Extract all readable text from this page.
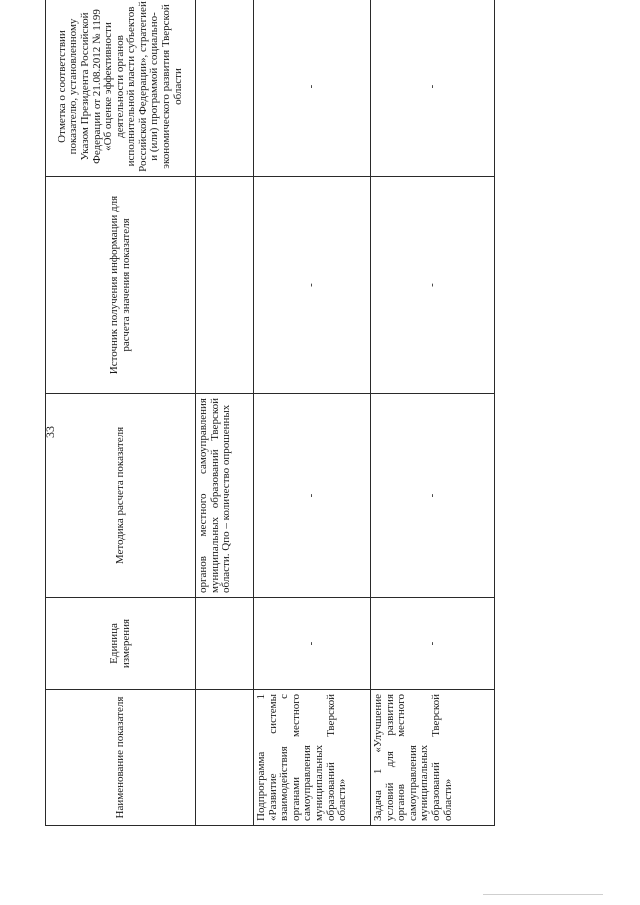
33
Наименование показателя	Единица измерения	Методика расчета показателя	Источник получения информации для расчета значения показателя	Отметка о соответствии показателю, установленному Указом Президента Российской Федерации от 21.08.2012 № 1199 «Об оценке эффективности деятельности органов исполнительной власти субъектов Российской Федерации», стратегией и (или) программой социально-экономического развития Тверской области
		органов местного самоуправления муниципальных образований Тверской области. Qпо – количество опрошенных		
Подпрограмма 1 «Развитие системы взаимодействия с органами местного самоуправления муниципальных образований Тверской области»	-	-	-	-
Задача 1 «Улучшение условий для развития органов местного самоуправления муниципальных образований Тверской области»	-	-	-	-
